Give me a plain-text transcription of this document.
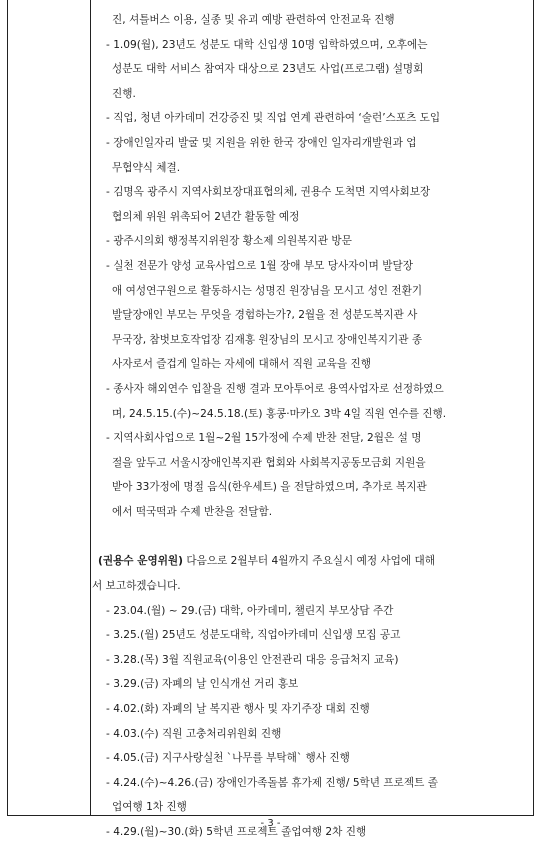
진, 셔틀버스 이용, 실종 및 유괴 예방 관련하여 안전교육 진행
- 1.09(월), 23년도 성분도 대학 신입생 10명 입학하였으며, 오후에는
성분도 대학 서비스 참여자 대상으로 23년도 사업(프로그램) 설명회
진행.
- 직업, 청년 아카데미 건강증진 및 직업 연계 관련하여 ‘술런’스포츠 도입
- 장애인일자리 발굴 및 지원을 위한 한국 장애인 일자리개발원과 업
무협약식 체결.
- 김명옥 광주시 지역사회보장대표협의체, 권용수 도척면 지역사회보장
협의체 위원 위촉되어 2년간 활동할 예정
- 광주시의회 행정복지위원장 황소제 의원복지관 방문
- 실천 전문가 양성 교육사업으로 1월 장애 부모 당사자이며 발달장
애 여성연구원으로 활동하시는 성명진 원장님을 모시고 성인 전환기
발달장애인 부모는 무엇을 경험하는가?, 2월을 전 성분도복지관 사
무국장, 참벗보호작업장 김재홍 원장님의 모시고 장애인복지기관 종
사자로서 즐겁게 일하는 자세에 대해서 직원 교육을 진행
- 종사자 해외연수 입찰을 진행 결과 모아투어로 용역사업자로 선정하였으
며, 24.5.15.(수)~24.5.18.(토) 홍콩·마카오 3박 4일 직원 연수를 진행.
- 지역사회사업으로 1월~2월 15가정에 수제 반찬 전달, 2월은 설 명
절을 앞두고 서울시장애인복지관 협회와 사회복지공동모금회 지원을
받아 33가정에 명절 음식(한우세트) 을 전달하였으며, 추가로 복지관
에서 떡국떡과 수제 반찬을 전달함.
(권용수 운영위원) 다음으로 2월부터 4월까지 주요실시 예정 사업에 대해
서 보고하겠습니다.
- 23.04.(월) ~ 29.(금) 대학, 아카데미, 챌린지 부모상담 주간
- 3.25.(월) 25년도 성분도대학, 직업아카데미 신입생 모집 공고
- 3.28.(목) 3월 직원교육(이용인 안전관리 대응 응급처지 교육)
- 3.29.(금) 자폐의 날 인식개선 거리 홍보
- 4.02.(화) 자폐의 날 복지관 행사 및 자기주장 대회 진행
- 4.03.(수) 직원 고충처리위원회 진행
- 4.05.(금) 지구사랑실천 `나무를 부탁해` 행사 진행
- 4.24.(수)~4.26.(금) 장애인가족돌봄 휴가제 진행/ 5학년 프로젝트 졸
업여행 1차 진행
- 4.29.(월)~30.(화) 5학년 프로젝트 졸업여행 2차 진행
- 3 -
